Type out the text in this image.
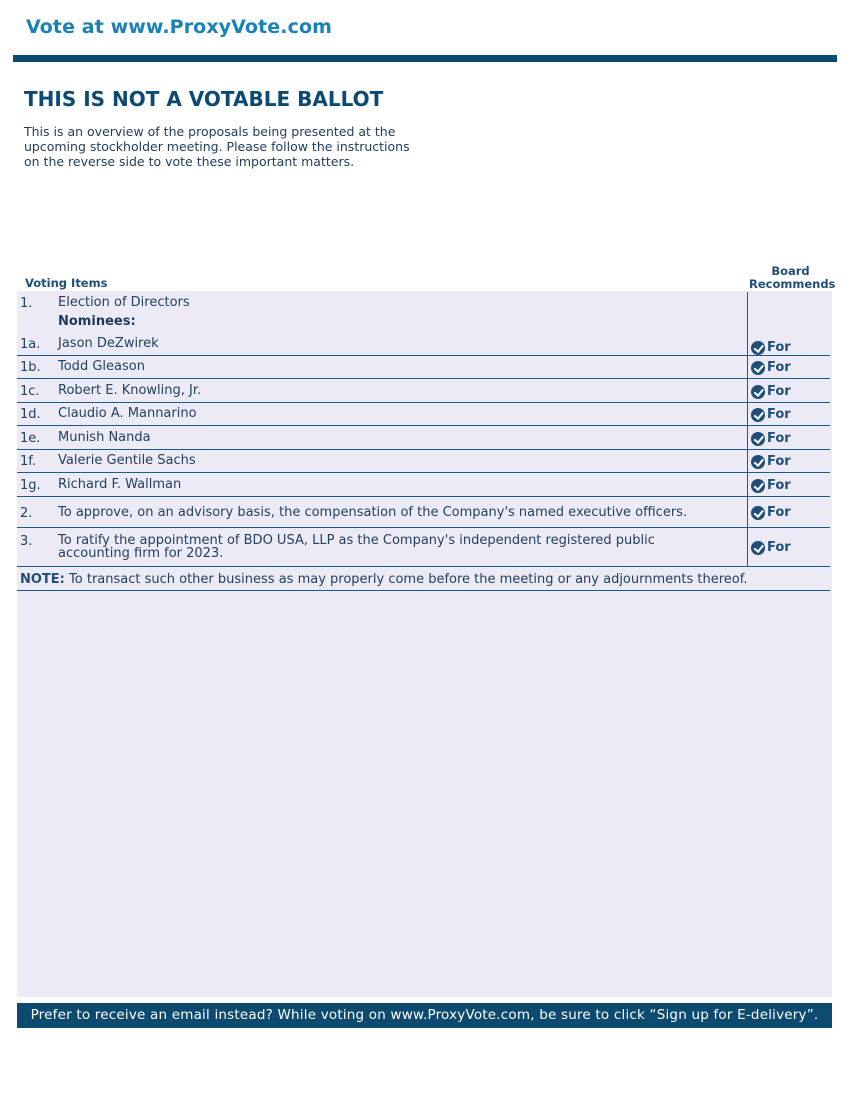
Vote at www.ProxyVote.com
THIS IS NOT A VOTABLE BALLOT
This is an overview of the proposals being presented at the upcoming stockholder meeting. Please follow the instructions on the reverse side to vote these important matters.
Voting Items
Board Recommends
1. Election of Directors
Nominees:
1a. Jason DeZwirek	For
1b. Todd Gleason	For
1c. Robert E. Knowling, Jr.	For
1d. Claudio A. Mannarino	For
1e. Munish Nanda	For
1f. Valerie Gentile Sachs	For
1g. Richard F. Wallman	For
2. To approve, on an advisory basis, the compensation of the Company's named executive officers.	For
3. To ratify the appointment of BDO USA, LLP as the Company's independent registered public accounting firm for 2023.	For
NOTE: To transact such other business as may properly come before the meeting or any adjournments thereof.
Prefer to receive an email instead? While voting on www.ProxyVote.com, be sure to click “Sign up for E-delivery”.
